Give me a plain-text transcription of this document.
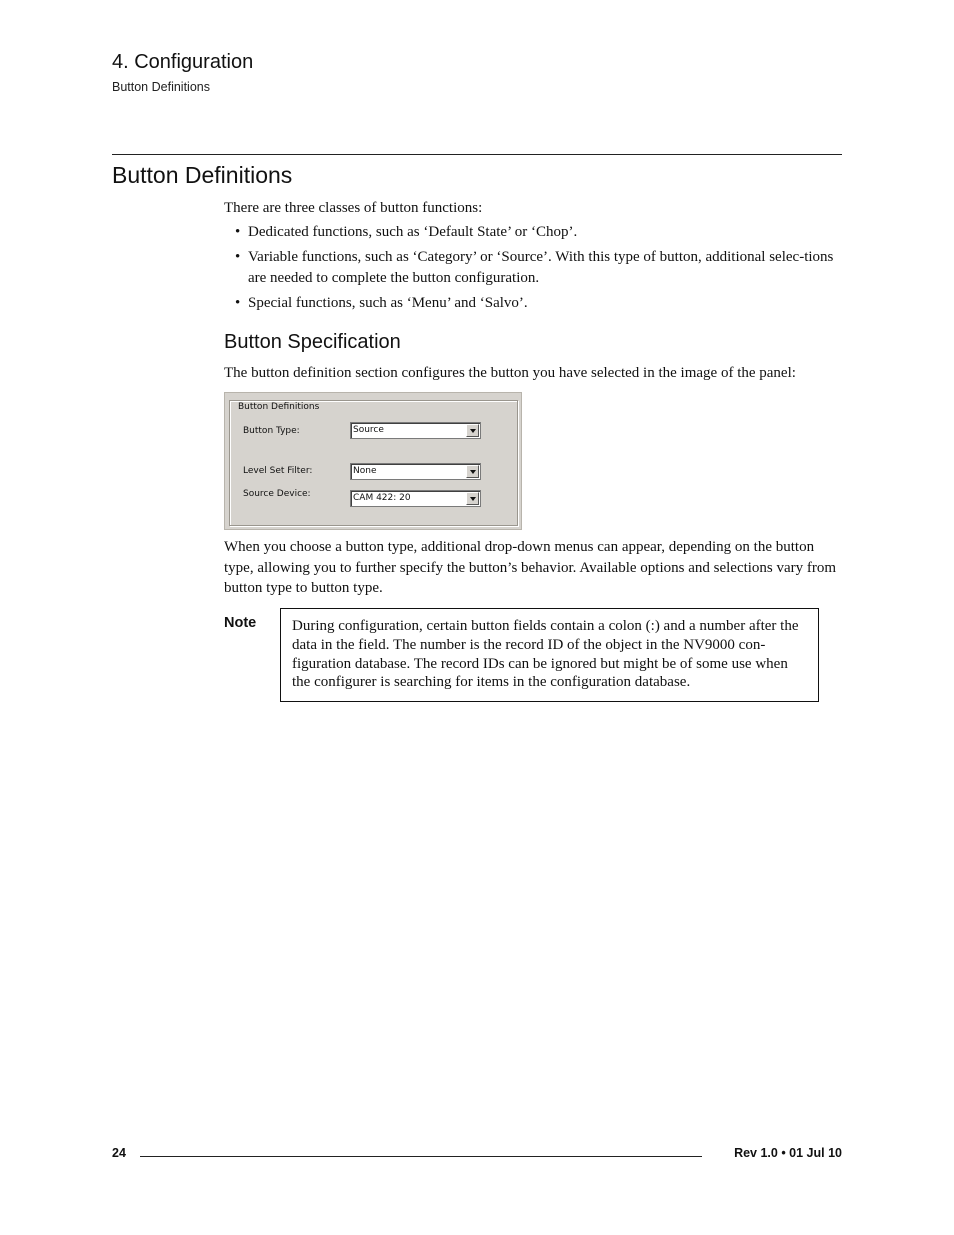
4. Configuration
Button Definitions
Button Definitions
There are three classes of button functions:
• Dedicated functions, such as ‘Default State’ or ‘Chop’.
• Variable functions, such as ‘Category’ or ‘Source’. With this type of button, additional selec-tions are needed to complete the button configuration.
• Special functions, such as ‘Menu’ and ‘Salvo’.
Button Specification
The button definition section configures the button you have selected in the image of the panel:
Button Definitions
Button Type:	Source
Level Set Filter:	None
Source Device:	CAM 422: 20
When you choose a button type, additional drop-down menus can appear, depending on the button type, allowing you to further specify the button’s behavior. Available options and selections vary from button type to button type.
Note	During configuration, certain button fields contain a colon (:) and a number after the data in the field. The number is the record ID of the object in the NV9000 con-figuration database. The record IDs can be ignored but might be of some use when the configurer is searching for items in the configuration database.
24	Rev 1.0 • 01 Jul 10
